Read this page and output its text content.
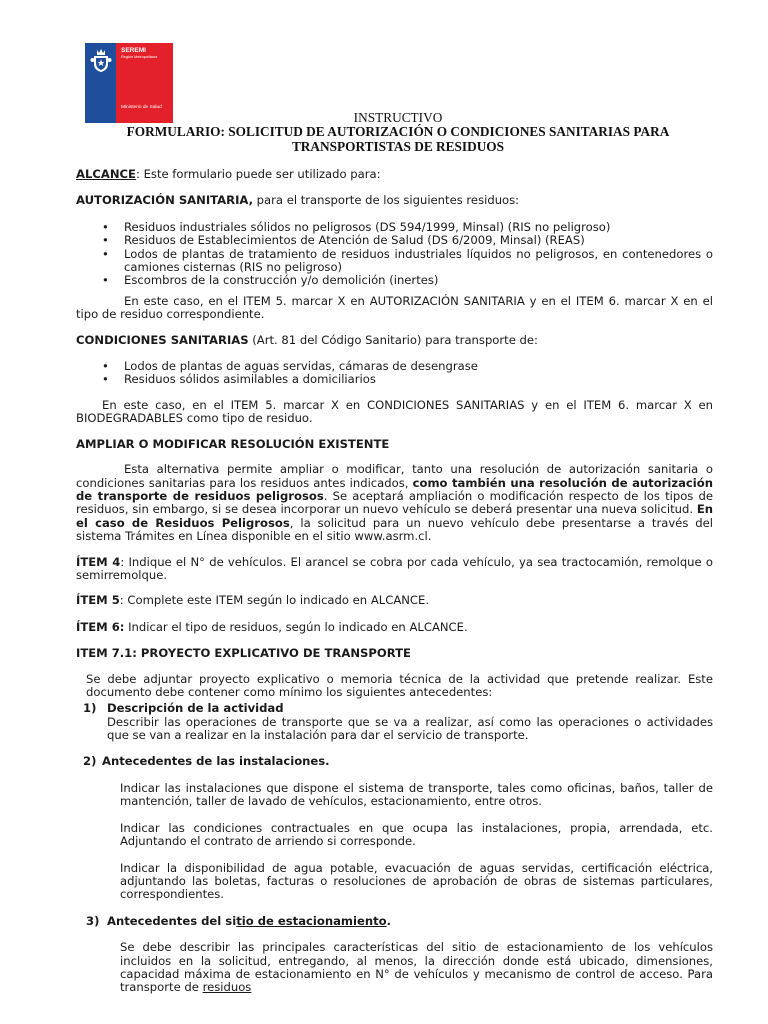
SEREMI
Región Metropolitana
Ministerio de Salud
INSTRUCTIVO
FORMULARIO: SOLICITUD DE AUTORIZACIÓN O CONDICIONES SANITARIAS PARA
TRANSPORTISTAS DE RESIDUOS

ALCANCE: Este formulario puede ser utilizado para:

AUTORIZACIÓN SANITARIA, para el transporte de los siguientes residuos:

• Residuos industriales sólidos no peligrosos (DS 594/1999, Minsal) (RIS no peligroso)
• Residuos de Establecimientos de Atención de Salud (DS 6/2009, Minsal) (REAS)
• Lodos de plantas de tratamiento de residuos industriales líquidos no peligrosos, en contenedores o camiones cisternas (RIS no peligroso)
• Escombros de la construcción y/o demolición (inertes)

En este caso, en el ITEM 5. marcar X en AUTORIZACIÓN SANITARIA y en el ITEM 6. marcar X en el tipo de residuo correspondiente.

CONDICIONES SANITARIAS (Art. 81 del Código Sanitario) para transporte de:

• Lodos de plantas de aguas servidas, cámaras de desengrase
• Residuos sólidos asimilables a domiciliarios

En este caso, en el ITEM 5. marcar X en CONDICIONES SANITARIAS y en el ITEM 6. marcar X en BIODEGRADABLES como tipo de residuo.

AMPLIAR O MODIFICAR RESOLUCIÓN EXISTENTE

Esta alternativa permite ampliar o modificar, tanto una resolución de autorización sanitaria o condiciones sanitarias para los residuos antes indicados, como también una resolución de autorización de transporte de residuos peligrosos. Se aceptará ampliación o modificación respecto de los tipos de residuos, sin embargo, si se desea incorporar un nuevo vehículo se deberá presentar una nueva solicitud. En el caso de Residuos Peligrosos, la solicitud para un nuevo vehículo debe presentarse a través del sistema Trámites en Línea disponible en el sitio www.asrm.cl.

ÍTEM 4: Indique el N° de vehículos. El arancel se cobra por cada vehículo, ya sea tractocamión, remolque o semirremolque.

ÍTEM 5: Complete este ITEM según lo indicado en ALCANCE.

ÍTEM 6: Indicar el tipo de residuos, según lo indicado en ALCANCE.

ITEM 7.1: PROYECTO EXPLICATIVO DE TRANSPORTE

Se debe adjuntar proyecto explicativo o memoria técnica de la actividad que pretende realizar. Este documento debe contener como mínimo los siguientes antecedentes:

1) Descripción de la actividad

Describir las operaciones de transporte que se va a realizar, así como las operaciones o actividades que se van a realizar en la instalación para dar el servicio de transporte.

2) Antecedentes de las instalaciones.

Indicar las instalaciones que dispone el sistema de transporte, tales como oficinas, baños, taller de mantención, taller de lavado de vehículos, estacionamiento, entre otros.

Indicar las condiciones contractuales en que ocupa las instalaciones, propia, arrendada, etc. Adjuntando el contrato de arriendo si corresponde.

Indicar la disponibilidad de agua potable, evacuación de aguas servidas, certificación eléctrica, adjuntando las boletas, facturas o resoluciones de aprobación de obras de sistemas particulares, correspondientes.

3) Antecedentes del sitio de estacionamiento.

Se debe describir las principales características del sitio de estacionamiento de los vehículos incluidos en la solicitud, entregando, al menos, la dirección donde está ubicado, dimensiones, capacidad máxima de estacionamiento en N° de vehículos y mecanismo de control de acceso. Para transporte de residuos
